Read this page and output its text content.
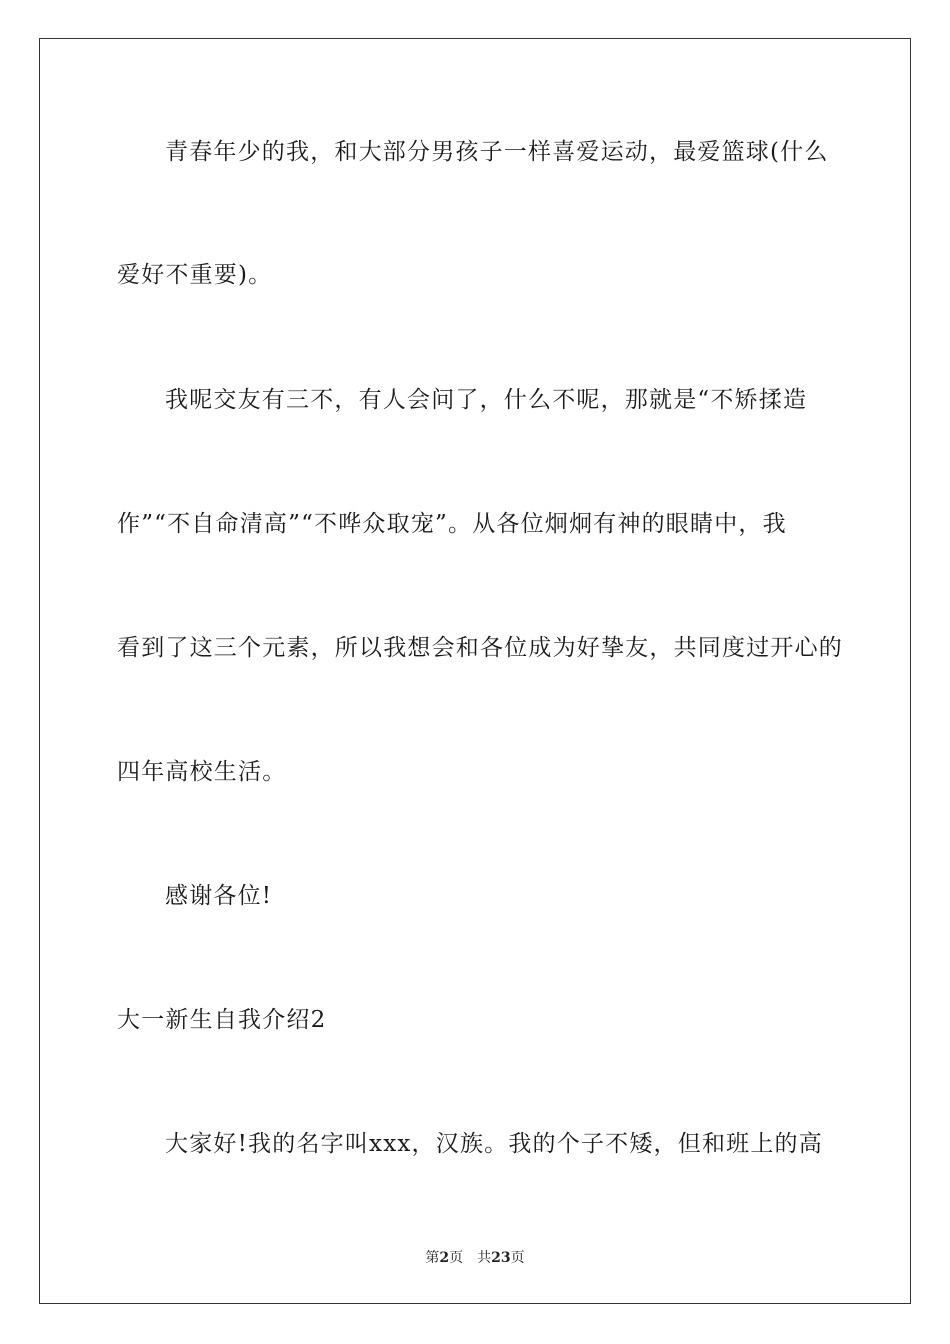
青春年少的我，和大部分男孩子一样喜爱运动，最爱篮球(什么
爱好不重要)。
我呢交友有三不，有人会问了，什么不呢，那就是“不矫揉造
作”“不自命清高”“不哗众取宠”。从各位炯炯有神的眼睛中，我
看到了这三个元素，所以我想会和各位成为好挚友，共同度过开心的
四年高校生活。
感谢各位!
大一新生自我介绍2
大家好!我的名字叫xxx，汉族。我的个子不矮，但和班上的高
第2页　共23页
